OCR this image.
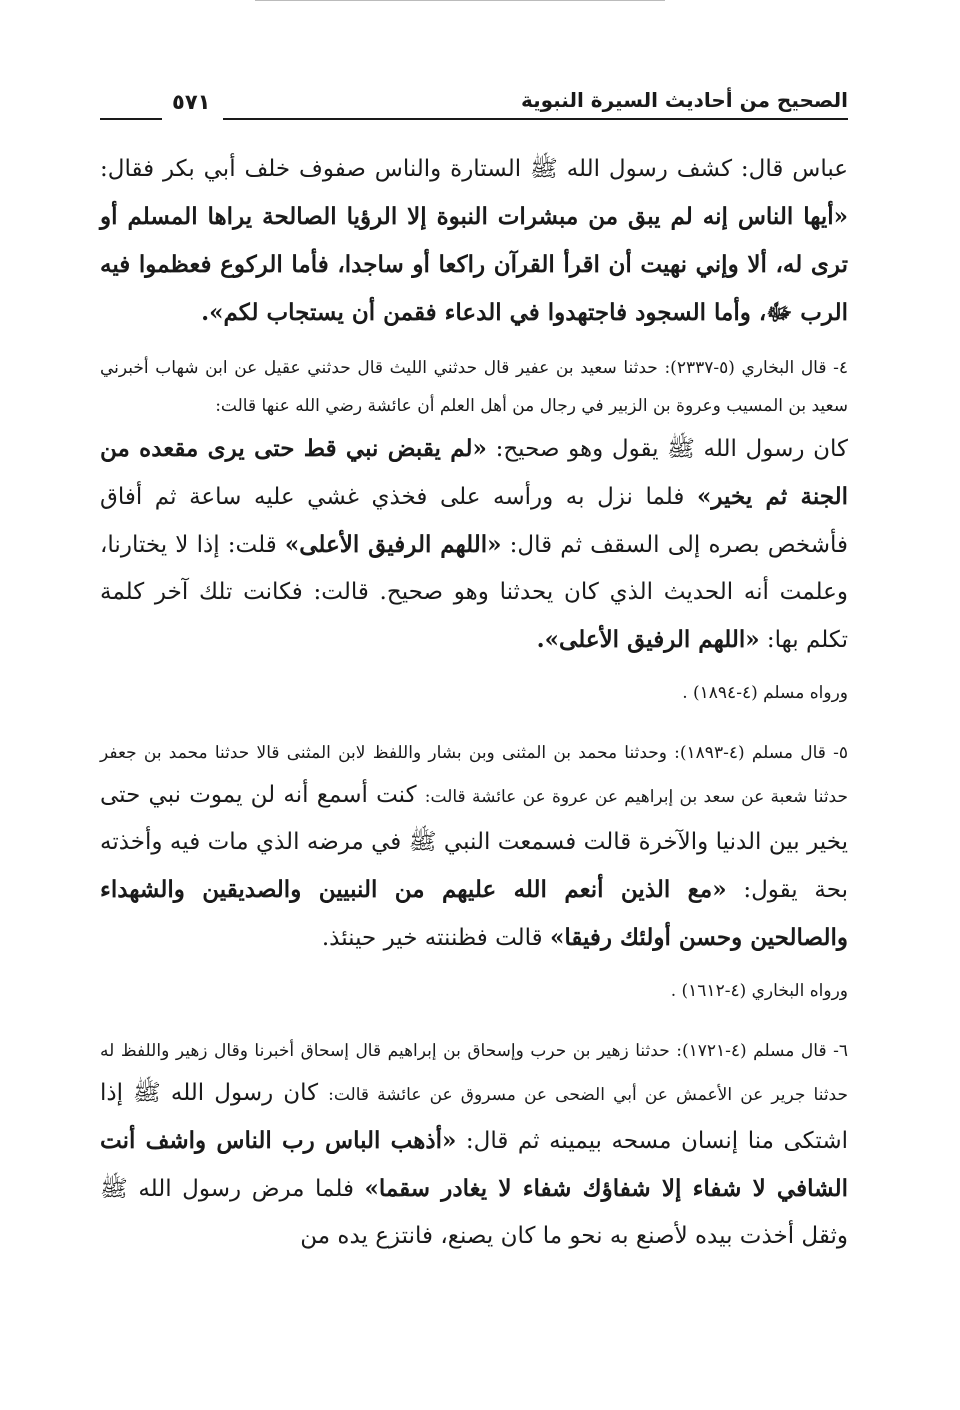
الصحيح من أحاديث السيرة النبوية
٥٧١

عباس قال: كشف رسول الله ﷺ الستارة والناس صفوف خلف أبي بكر فقال: «أيها الناس إنه لم يبق من مبشرات النبوة إلا الرؤيا الصالحة يراها المسلم أو ترى له، ألا وإني نهيت أن اقرأ القرآن راكعا أو ساجدا، فأما الركوع فعظموا فيه الرب ﷻ، وأما السجود فاجتهدوا في الدعاء فقمن أن يستجاب لكم».

٤- قال البخاري (٥-٢٣٣٧): حدثنا سعيد بن عفير قال حدثني الليث قال حدثني عقيل عن ابن شهاب أخبرني سعيد بن المسيب وعروة بن الزبير في رجال من أهل العلم أن عائشة رضي الله عنها قالت:

كان رسول الله ﷺ يقول وهو صحيح: «لم يقبض نبي قط حتى يرى مقعده من الجنة ثم يخير» فلما نزل به ورأسه على فخذي غشي عليه ساعة ثم أفاق فأشخص بصره إلى السقف ثم قال: «اللهم الرفيق الأعلى» قلت: إذا لا يختارنا، وعلمت أنه الحديث الذي كان يحدثنا وهو صحيح. قالت: فكانت تلك آخر كلمة تكلم بها: «اللهم الرفيق الأعلى».

ورواه مسلم (٤-١٨٩٤) .

٥- قال مسلم (٤-١٨٩٣): وحدثنا محمد بن المثنى وبن بشار واللفظ لابن المثنى قالا حدثنا محمد بن جعفر حدثنا شعبة عن سعد بن إبراهيم عن عروة عن عائشة قالت: كنت أسمع أنه لن يموت نبي حتى يخير بين الدنيا والآخرة قالت فسمعت النبي ﷺ في مرضه الذي مات فيه وأخذته بحة يقول: «مع الذين أنعم الله عليهم من النبيين والصديقين والشهداء والصالحين وحسن أولئك رفيقا» قالت فظننته خير حينئذ.

ورواه البخاري (٤-١٦١٢) .

٦- قال مسلم (٤-١٧٢١): حدثنا زهير بن حرب وإسحاق بن إبراهيم قال إسحاق أخبرنا وقال زهير واللفظ له حدثنا جرير عن الأعمش عن أبي الضحى عن مسروق عن عائشة قالت: كان رسول الله ﷺ إذا اشتكى منا إنسان مسحه بيمينه ثم قال: «أذهب الباس رب الناس واشف أنت الشافي لا شفاء إلا شفاؤك شفاء لا يغادر سقما» فلما مرض رسول الله ﷺ وثقل أخذت بيده لأصنع به نحو ما كان يصنع، فانتزع يده من
